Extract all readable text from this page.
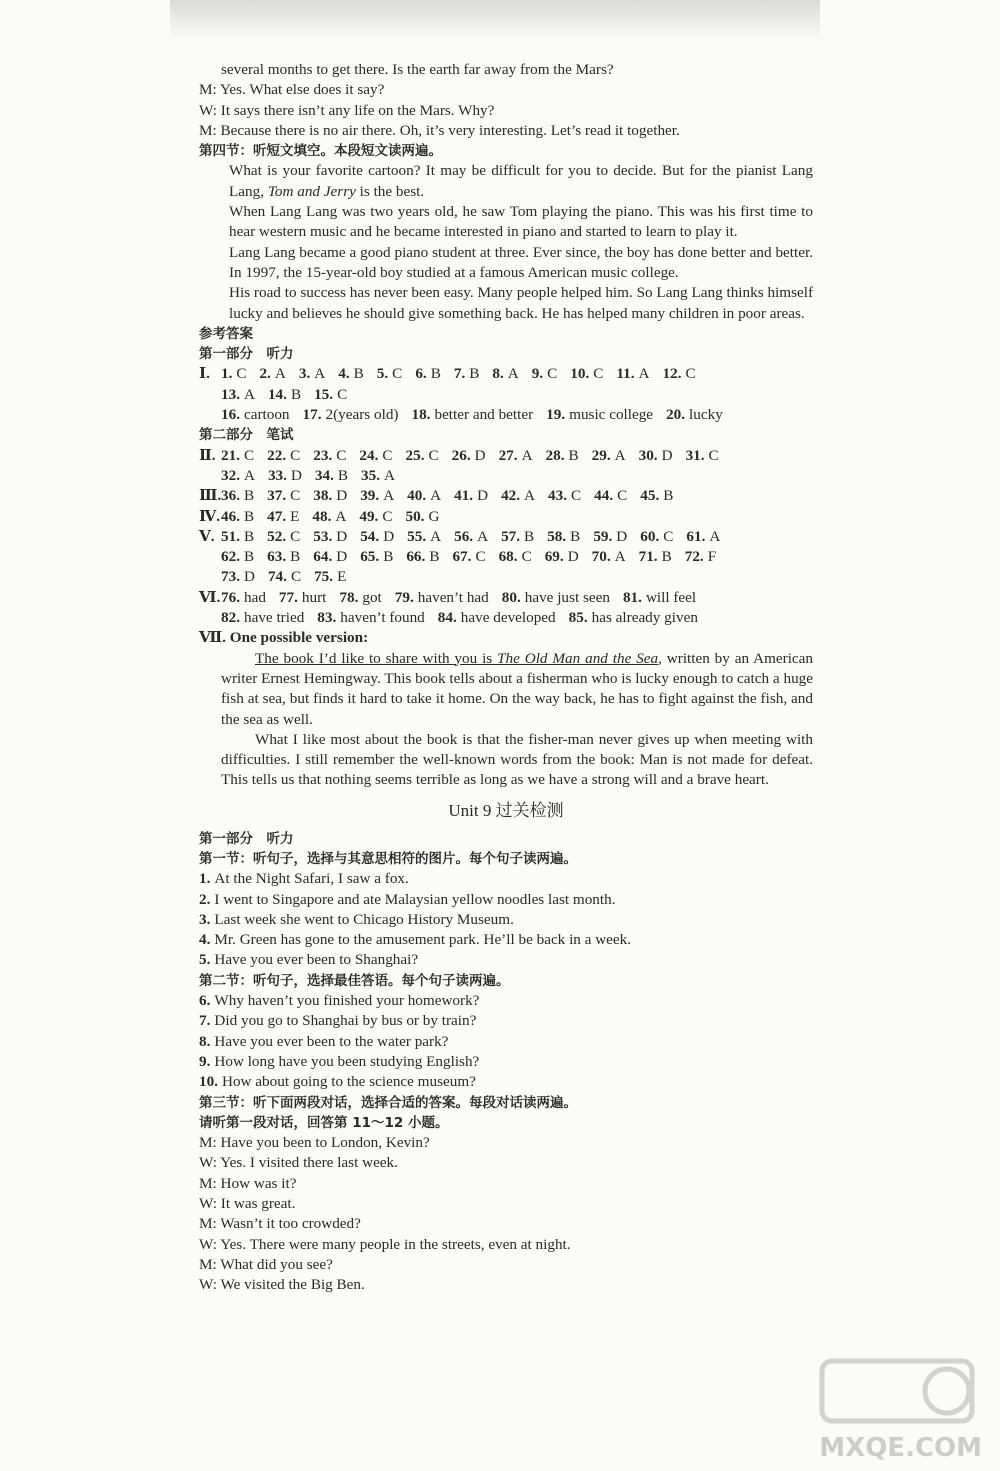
several months to get there. Is the earth far away from the Mars?
M: Yes. What else does it say?
W: It says there isn’t any life on the Mars. Why?
M: Because there is no air there. Oh, it’s very interesting. Let’s read it together.
第四节：听短文填空。本段短文读两遍。
What is your favorite cartoon? It may be difficult for you to decide. But for the pianist Lang Lang, Tom and Jerry is the best.
When Lang Lang was two years old, he saw Tom playing the piano. This was his first time to hear western music and he became interested in piano and started to learn to play it.
Lang Lang became a good piano student at three. Ever since, the boy has done better and better. In 1997, the 15-year-old boy studied at a famous American music college.
His road to success has never been easy. Many people helped him. So Lang Lang thinks himself lucky and believes he should give something back. He has helped many children in poor areas.
参考答案
第一部分　听力
Ⅰ. 1. C 2. A 3. A 4. B 5. C 6. B 7. B 8. A 9. C 10. C 11. A 12. C
13. A 14. B 15. C
16. cartoon 17. 2(years old) 18. better and better 19. music college 20. lucky
第二部分　笔试
Ⅱ. 21. C 22. C 23. C 24. C 25. C 26. D 27. A 28. B 29. A 30. D 31. C
32. A 33. D 34. B 35. A
Ⅲ.36. B 37. C 38. D 39. A 40. A 41. D 42. A 43. C 44. C 45. B
Ⅳ.46. B 47. E 48. A 49. C 50. G
Ⅴ. 51. B 52. C 53. D 54. D 55. A 56. A 57. B 58. B 59. D 60. C 61. A
62. B 63. B 64. D 65. B 66. B 67. C 68. C 69. D 70. A 71. B 72. F
73. D 74. C 75. E
Ⅵ.76. had 77. hurt 78. got 79. haven’t had 80. have just seen 81. will feel
82. have tried 83. haven’t found 84. have developed 85. has already given
Ⅶ. One possible version:
The book I’d like to share with you is The Old Man and the Sea, written by an American writer Ernest Hemingway. This book tells about a fisherman who is lucky enough to catch a huge fish at sea, but finds it hard to take it home. On the way back, he has to fight against the fish, and the sea as well.
What I like most about the book is that the fisher-man never gives up when meeting with difficulties. I still remember the well-known words from the book: Man is not made for defeat. This tells us that nothing seems terrible as long as we have a strong will and a brave heart.
Unit 9 过关检测
第一部分　听力
第一节：听句子，选择与其意思相符的图片。每个句子读两遍。
1. At the Night Safari, I saw a fox.
2. I went to Singapore and ate Malaysian yellow noodles last month.
3. Last week she went to Chicago History Museum.
4. Mr. Green has gone to the amusement park. He’ll be back in a week.
5. Have you ever been to Shanghai?
第二节：听句子，选择最佳答语。每个句子读两遍。
6. Why haven’t you finished your homework?
7. Did you go to Shanghai by bus or by train?
8. Have you ever been to the water park?
9. How long have you been studying English?
10. How about going to the science museum?
第三节：听下面两段对话，选择合适的答案。每段对话读两遍。
请听第一段对话，回答第 11～12 小题。
M: Have you been to London, Kevin?
W: Yes. I visited there last week.
M: How was it?
W: It was great.
M: Wasn’t it too crowded?
W: Yes. There were many people in the streets, even at night.
M: What did you see?
W: We visited the Big Ben.
MXQE.COM
